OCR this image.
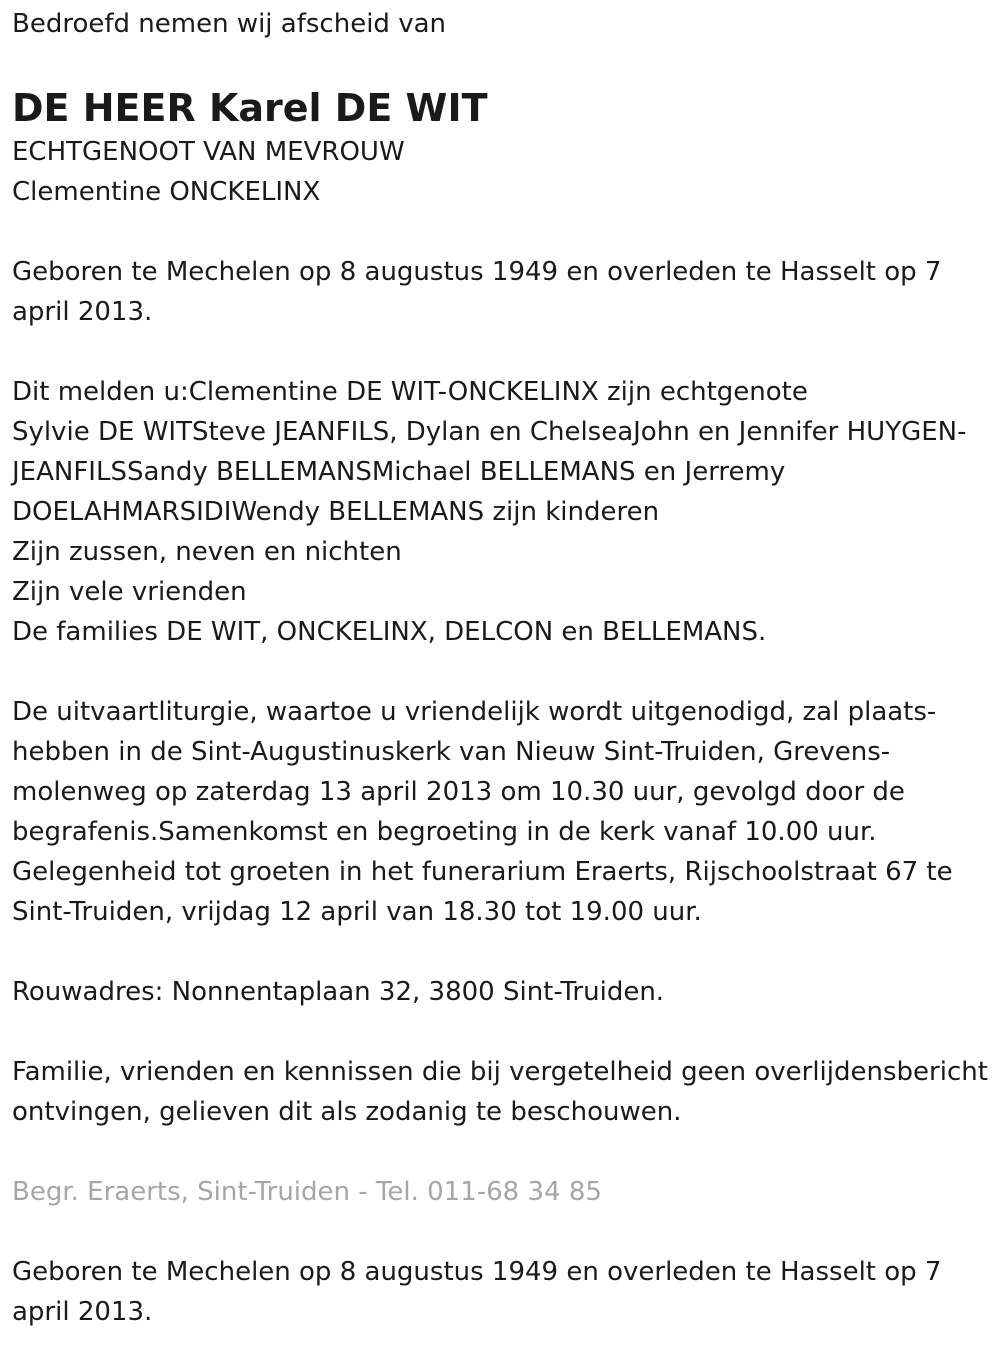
Bedroefd nemen wij afscheid van

DE HEER Karel DE WIT

ECHTGENOOT VAN MEVROUW

Clementine ONCKELINX

Geboren te Mechelen op 8 augustus 1949 en overleden te Hasselt op 7 april 2013.

Dit melden u:Clementine DE WIT-ONCKELINX zijn echtgenote

Sylvie DE WITSteve JEANFILS, Dylan en ChelseaJohn en Jennifer HUYGEN-JEANFILSSandy BELLEMANSMichael BELLEMANS en Jerremy DOELAHMARSIDIWendy BELLEMANS zijn kinderen

Zijn zussen, neven en nichten

Zijn vele vrienden

De families DE WIT, ONCKELINX, DELCON en BELLEMANS.

De uitvaartliturgie, waartoe u vriendelijk wordt uitgenodigd, zal plaats-hebben in de Sint-Augustinuskerk van Nieuw Sint-Truiden, Grevens-molenweg op zaterdag 13 april 2013 om 10.30 uur, gevolgd door de begrafenis.Samenkomst en begroeting in de kerk vanaf 10.00 uur. Gelegenheid tot groeten in het funerarium Eraerts, Rijschoolstraat 67 te Sint-Truiden, vrijdag 12 april van 18.30 tot 19.00 uur.

Rouwadres: Nonnentaplaan 32, 3800 Sint-Truiden.

Familie, vrienden en kennissen die bij vergetelheid geen overlijdensbericht ontvingen, gelieven dit als zodanig te beschouwen.

Begr. Eraerts, Sint-Truiden - Tel. 011-68 34 85

Geboren te Mechelen op 8 augustus 1949 en overleden te Hasselt op 7 april 2013.
